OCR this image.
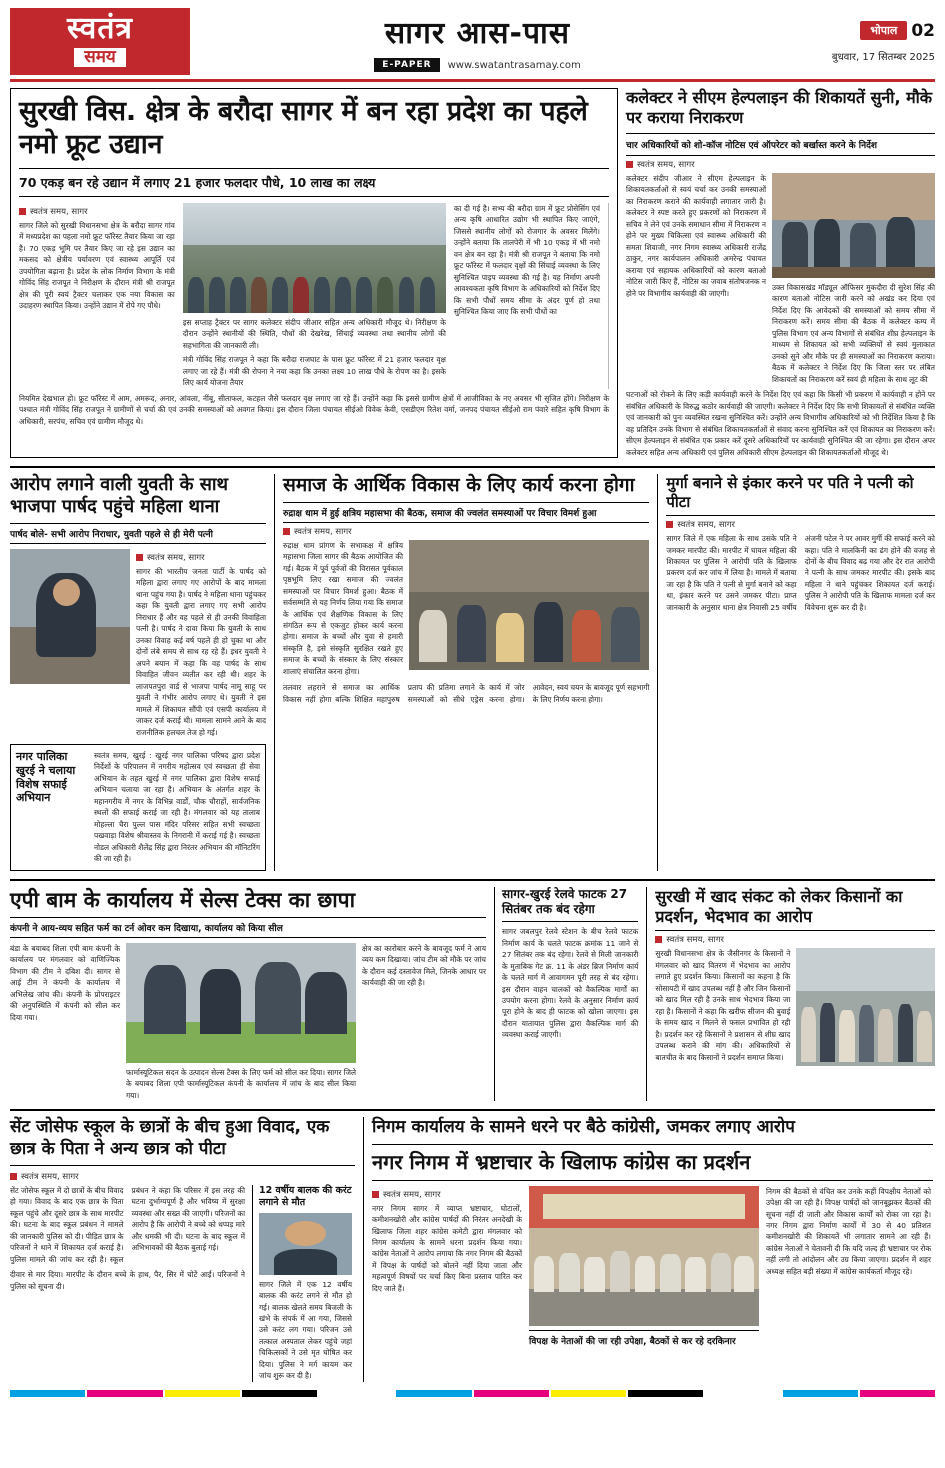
स्वतंत्र
समय
सागर आस-पास
E-PAPER	www.swatantrasamay.com
भोपाल 02
बुधवार, 17 सितम्बर 2025
सुरखी विस. क्षेत्र के बरौदा सागर में बन रहा प्रदेश का पहले नमो फ्रूट उद्यान
70 एकड़ बन रहे उद्यान में लगाए 21 हजार फलदार पौधे, 10 लाख का लक्ष्य
स्वतंत्र समय, सागर
सागर जिले को सुरखी विधानसभा क्षेत्र के बरौदा सागर गांव में मध्यप्रदेश का पहला नमो फ्रूट फॉरेस्ट तैयार किया जा रहा है। 70 एकड़ भूमि पर तैयार किए जा रहे इस उद्यान का मकसद को क्षेत्रीय पर्यावरण एवं स्वास्थ्य आपूर्ति एवं उपयोगिता बढ़ाना है। प्रदेश के लोक निर्माण विभाग के मंत्री गोविंद सिंह राजपूत ने निरीक्षण के दौरान मंत्री श्री राजपूत क्षेत्र की पूरी स्वयं ट्रैक्टर चलाकर एक नया विकास का उदाहरण स्थापित किया। उन्होंने उद्यान में रोपे गए पौधे।
इस सप्ताह ट्रैक्टर पर सागर कलेक्टर संदीप जीआर सहित अन्य अधिकारी मौजूद थे। निरीक्षण के दौरान उन्होंने स्थानीयों की स्थिति, पौधों की देखरेख, सिंचाई व्यवस्था तथा स्थानीय लोगों की सहभागिता की जानकारी ली।
मंत्री गोविंद सिंह राजपूत ने कहा कि बरौदा राजघाट के पास फ्रूट फॉरेस्ट में 21 हजार फलदार वृक्ष लगाए जा रहे हैं। मंत्री की रोपना ने नया कहा कि उनका लक्ष्य 10 लाख पौधे के रोपण का है। इसके लिए कार्य योजना तैयार
का दी गई है। सभ्य की बरौदा ग्राम में फ्रूट प्रोसेसिंग एवं अन्य कृषि आधारित उद्योग भी स्थापित किए जाएंगे, जिससे स्थानीय लोगों को रोजगार के अवसर मिलेंगे। उन्होंने बताया कि तालपेरी में भी 10 एकड़ में भी नमो वन क्षेत्र बन रहा है। मंत्री श्री राजपूत ने बताया कि नमो फ्रूट फॉरेस्ट में फलदार वृक्षों की सिंचाई व्यवस्था के लिए सुनिश्चित पाइप व्यवस्था की गई है। यह निर्माण अपनी आवश्यकता कृषि विभाग के अधिकारियों को निर्देश दिए कि सभी पौधों समय सीमा के अंदर पूर्ण हो तथा सुनिश्चित किया जाए कि सभी पौधों का
नियमित देखभाल हो। फ्रूट फॉरेस्ट में आम, अमरूद, अनार, आंवला, नींबू, सीताफल, कटहल जैसे फलदार वृक्ष लगाए जा रहे हैं। उन्होंने कहा कि इससे ग्रामीण क्षेत्रों में आजीविका के नए अवसर भी सृजित होंगे। निरीक्षण के पश्चात मंत्री गोविंद सिंह राजपूत ने ग्रामीणों से चर्चा की एवं उनकी समस्याओं को अवगत किया। इस दौरान जिला पंचायत सीईओ विवेक केवी, एसडीएम रितेश वर्मा, जनपद पंचायत सीईओ राम पंवारे सहित कृषि विभाग के अधिकारी, सरपंच, सचिव एवं ग्रामीण मौजूद थे।
कलेक्टर ने सीएम हेल्पलाइन की शिकायतें सुनी, मौके पर कराया निराकरण
चार अधिकारियों को शो-कॉज नोटिस एवं ऑपरेटर को बर्खास्त करने के निर्देश
स्वतंत्र समय, सागर
कलेक्टर संदीप जीआर ने सीएम हेल्पलाइन के शिकायतकर्ताओं से स्वयं चर्चा कर उनकी समस्याओं का निराकरण कराने की कार्यवाही लगातार जारी है। कलेक्टर ने स्पष्ट करते हुए प्रकरणों को निराकरण में सचिव ने लेने एवं उनके समाधान सीमा में निराकरण न होने पर मुख्य चिकित्सा एवं स्वास्थ्य अधिकारी की समता शिवाजी, नगर निगम स्वास्थ्य अधिकारी राजेंद्र ठाकुर, नगर कार्यपालन अधिकारी अमरेन्द्र पंचायत कराया एवं सहायक अधिकारियों को कारण बताओ नोटिस जारी किए हैं, नोटिस का जवाब संतोषजनक न होने पर विभागीय कार्यवाही की जाएगी।
उक्त विकासखंड मॉड्यूल ऑफिसर मुकदौरा दी सुरेश सिंह की कारण बताओ नोटिस जारी करने को अखंड कर दिया एवं निर्देश दिए कि आवेदकों की समस्याओं को समय सीमा में निराकरण करें। समय सीमा की बैठक में कलेक्टर कम्प में पुलिस विभाग एवं अन्य विभागों से संबंधित शीघ्र हेल्पलाइन के माध्यम से शिकायत को सभी व्यक्तियों से स्वयं मुलाकात उनको सुने और मौके पर ही समस्याओं का निराकरण कराया। बैठक में कलेक्टर ने निर्देश दिए कि जिला स्तर पर लंबित शिकायतों का निराकरण करें स्वयं ही महिला के साथ लूट की
घटनाओं को रोकने के लिए कड़ी कार्यवाही करने के निर्देश दिए एवं कहा कि किसी भी प्रकरण में कार्यवाही न होने पर संबंधित अधिकारी के विरुद्ध कठोर कार्यवाही की जाएगी। कलेक्टर ने निर्देश दिए कि सभी शिकायतों से संबंधित व्यक्ति एवं जानकारी को पुनः व्यवस्थित रखना सुनिश्चित करें। उन्होंने अन्य विभागीय अधिकारियों को भी निर्देशित किया है कि वह प्रतिदिन उनके विभाग से संबंधित शिकायतकर्ताओं से संवाद करना सुनिश्चित करें एवं शिकायत का निराकरण करें। सीएम हेल्पलाइन से संबंधित एक प्रकार करें दूसरे अधिकारियों पर कार्यवाही सुनिश्चित की जा रहेगा। इस दौरान अपर कलेक्टर सहित अन्य अधिकारी एवं पुलिस अधिकारी सीएम हेल्पलाइन की शिकायतकर्ताओं मौजूद थे।
आरोप लगाने वाली युवती के साथ भाजपा पार्षद पहुंचे महिला थाना
पार्षद बोले- सभी आरोप निराधार, युवती पहले से ही मेरी पत्नी
स्वतंत्र समय, सागर
सागर की भारतीय जनता पार्टी के पार्षद को महिला द्वारा लगाए गए आरोपों के बाद मामला थाना पहुंच गया है। पार्षद ने महिला थाना पहुंचकर कहा कि युवती द्वारा लगाए गए सभी आरोप निराधार हैं और वह पहले से ही उनकी विवाहिता पत्नी है। पार्षद ने दावा किया कि युवती के साथ उनका विवाह कई वर्ष पहले ही हो चुका था और दोनों लंबे समय से साथ रह रहे हैं। इधर युवती ने अपने बयान में कहा कि वह पार्षद के साथ विवाहित जीवन व्यतीत कर रही थी। शहर के लाजपतपुरा वार्ड से भाजपा पार्षद नामू साहू पर युवती ने गंभीर आरोप लगाए थे। युवती ने इस मामले में शिकायत सौंपी एवं एसपी कार्यालय में जाकर दर्ज कराई थी। मामला सामने आने के बाद राजनीतिक हलचल तेज हो गई।
नगर पालिका खुरई ने चलाया विशेष सफाई अभियान
स्वतंत्र समय, खुरई : खुरई नगर पालिका परिषद द्वारा प्रदेश निर्देशों के परिपालन में नगरीय महोत्सव एवं स्वच्छता ही सेवा अभियान के तहत खुरई में नगर पालिका द्वारा विशेष सफाई अभियान चलाया जा रहा है। अभियान के अंतर्गत शहर के महानगरीय में नगर के विभिन्न वार्डों, चौक चौराहों, सार्वजनिक स्थलों की सफाई कराई जा रही है। मंगलवार को यह तालाब मोहल्ला चैरा पुल्ल पास मंदिर परिसर सहित सभी स्वच्छता पखवाड़ा विशेष श्रीवास्तव के निगरानी में कराई गई है। स्वच्छता नोडल अधिकारी शैलेंद्र सिंह द्वारा निरंतर अभियान की मॉनिटरिंग की जा रही है।
समाज के आर्थिक विकास के लिए कार्य करना होगा
रुद्राक्ष धाम में हुई क्षत्रिय महासभा की बैठक, समाज की ज्वलंत समस्याओं पर विचार विमर्श हुआ
स्वतंत्र समय, सागर
रुद्राक्ष धाम प्रांगण के सभाकक्ष में क्षत्रिय महासभा जिला सागर की बैठक आयोजित की गई। बैठक में पूर्व पूर्वजों की विरासत पूर्वकाल पृष्ठभूमि लिए रखा समाज की ज्वलंत समस्याओं पर विचार विमर्श हुआ। बैठक में सर्वसम्मति से यह निर्णय लिया गया कि समाज के आर्थिक एवं शैक्षणिक विकास के लिए संगठित रूप से एकजुट होकर कार्य करना होगा। समाज के बच्चों और युवा से हमारी संस्कृति है, इसे संस्कृति सुरक्षित रखते हुए समाज के बच्चों के संस्कार के लिए संस्कार शालाएं संचालित करना होगा।
तलवार लहराने से समाज का आर्थिक विकास नहीं होगा बल्कि शिक्षित महापुरुष प्रताप की प्रतिमा लगाने के कार्य में जोर समस्याओं को सीधे एड्रेस करना होगा। आवेदन, स्वयं चयन के बावजूद पूर्ण सहभागी के लिए निर्णय करना होगा।
मुर्गा बनाने से इंकार करने पर पति ने पत्नी को पीटा
स्वतंत्र समय, सागर
सागर जिले में एक महिला के साथ उसके पति ने जमकर मारपीट की। मारपीट में घायल महिला की शिकायत पर पुलिस ने आरोपी पति के खिलाफ प्रकरण दर्ज कर जांच में लिया है। मामले में बताया जा रहा है कि पति ने पत्नी से मुर्गा बनाने को कहा था, इंकार करने पर उसने जमकर पीटा। प्राप्त जानकारी के अनुसार थाना क्षेत्र निवासी 25 वर्षीय अंजनी पटेल ने पर आवर मुर्गी की सफाई करने को कहा। पति ने मालकिनी का ढंग होने की वजह से दोनों के बीच विवाद बढ़ गया और देर रात आरोपी ने पत्नी के साथ जमकर मारपीट की। इसके बाद महिला ने थाने पहुंचकर शिकायत दर्ज कराई। पुलिस ने आरोपी पति के खिलाफ मामला दर्ज कर विवेचना शुरू कर दी है।
एपी बाम के कार्यालय में सेल्स टेक्स का छापा
कंपनी ने आय-व्यय सहित फर्म का टर्न ओवर कम दिखाया, कार्यालय को किया सील
बंडा के बयाबद शिला एपी बाम कंपनी के कार्यालय पर मंगलवार को वाणिज्यिक विभाग की टीम ने दबिश दी। सागर से आई टीम ने कंपनी के कार्यालय में अभिलेख जांच की। कंपनी के प्रोपराइटर की अनुपस्थिति में कंपनी को सील कर दिया गया।
फार्मास्यूटिकल सदन के उत्पादन सेल्स टैक्स के लिए फर्म को सील कर दिया। सागर जिले के बयाबद शिला एपी फार्मास्यूटिकल कंपनी के कार्यालय में जांच के बाद सील किया गया।
क्षेत्र का कारोबार करने के बावजूद फर्म ने आय व्यय कम दिखाया। जांच टीम को मौके पर जांच के दौरान कई दस्तावेज मिले, जिनके आधार पर कार्यवाही की जा रही है।
सागर-खुरई रेलवे फाटक 27 सितंबर तक बंद रहेगा
सागर जबलपुर रेलवे स्टेशन के बीच रेलवे फाटक निर्माण कार्य के चलते फाटक क्रमांक 11 जाने से 27 सितंबर तक बंद रहेगा। रेलवे से मिली जानकारी के मुताबिक गेट क्र. 11 के अंडर ब्रिज निर्माण कार्य के चलते मार्ग में आवागमन पूरी तरह से बंद रहेगा। इस दौरान वाहन चालकों को वैकल्पिक मार्गों का उपयोग करना होगा। रेलवे के अनुसार निर्माण कार्य पूरा होने के बाद ही फाटक को खोला जाएगा। इस दौरान यातायात पुलिस द्वारा वैकल्पिक मार्ग की व्यवस्था कराई जाएगी।
सुरखी में खाद संकट को लेकर किसानों का प्रदर्शन, भेदभाव का आरोप
स्वतंत्र समय, सागर
सुरखी विधानसभा क्षेत्र के जैसीनगर के किसानों ने मंगलवार को खाद वितरण में भेदभाव का आरोप लगाते हुए प्रदर्शन किया। किसानों का कहना है कि सोसायटी में खाद उपलब्ध नहीं है और जिन किसानों को खाद मिल रही है उनके साथ भेदभाव किया जा रहा है। किसानों ने कहा कि खरीफ सीजन की बुवाई के समय खाद न मिलने से फसल प्रभावित हो रही है। प्रदर्शन कर रहे किसानों ने प्रशासन से शीघ्र खाद उपलब्ध कराने की मांग की। अधिकारियों से बातचीत के बाद किसानों ने प्रदर्शन समाप्त किया।
सेंट जोसेफ स्कूल के छात्रों के बीच हुआ विवाद, एक छात्र के पिता ने अन्य छात्र को पीटा
स्वतंत्र समय, सागर
सेंट जोसेफ स्कूल में दो छात्रों के बीच विवाद हो गया। विवाद के बाद एक छात्र के पिता स्कूल पहुंचे और दूसरे छात्र के साथ मारपीट की। घटना के बाद स्कूल प्रबंधन ने मामले की जानकारी पुलिस को दी। पीड़ित छात्र के परिजनों ने थाने में शिकायत दर्ज कराई है। पुलिस मामले की जांच कर रही है। स्कूल प्रबंधन ने कहा कि परिसर में इस तरह की घटना दुर्भाग्यपूर्ण है और भविष्य में सुरक्षा व्यवस्था और सख्त की जाएगी। परिजनों का आरोप है कि आरोपी ने बच्चे को थप्पड़ मारे और धमकी भी दी। घटना के बाद स्कूल में अभिभावकों की बैठक बुलाई गई।
दीवार से मार दिया। मारपीट के दौरान बच्चे के हाथ, पैर, सिर में चोटें आईं। परिजनों ने पुलिस को सूचना दी।
12 वर्षीय बालक की करंट लगाने से मौत
सागर जिले में एक 12 वर्षीय बालक की करंट लगने से मौत हो गई। बालक खेलते समय बिजली के खंभे के संपर्क में आ गया, जिससे उसे करंट लग गया। परिजन उसे तत्काल अस्पताल लेकर पहुंचे जहां चिकित्सकों ने उसे मृत घोषित कर दिया। पुलिस ने मर्ग कायम कर जांच शुरू कर दी है।
निगम कार्यालय के सामने धरने पर बैठे कांग्रेसी, जमकर लगाए आरोप
नगर निगम में भ्रष्टाचार के खिलाफ कांग्रेस का प्रदर्शन
स्वतंत्र समय, सागर
नगर निगम सागर में व्याप्त भ्रष्टाचार, घोटालों, कमीशनखोरी और कांग्रेस पार्षदों की निरंतर अनदेखी के खिलाफ जिला शहर कांग्रेस कमेटी द्वारा मंगलवार को निगम कार्यालय के सामने धरना प्रदर्शन किया गया। कांग्रेस नेताओं ने आरोप लगाया कि नगर निगम की बैठकों में विपक्ष के पार्षदों को बोलने नहीं दिया जाता और महत्वपूर्ण विषयों पर चर्चा किए बिना प्रस्ताव पारित कर दिए जाते हैं।
विपक्ष के नेताओं की जा रही उपेक्षा, बैठकों से कर रहे दरकिनार
निगम की बैठकों से वंचित कर उनके कहीं विपक्षीय नेताओं को उपेक्षा की जा रही है। विपक्ष पार्षदों को जानबूझकर बैठकों की सूचना नहीं दी जाती और विकास कार्यों को रोका जा रहा है। नगर निगम द्वारा निर्माण कार्यों में 30 से 40 प्रतिशत कमीशनखोरी की शिकायतें भी लगातार सामने आ रही हैं। कांग्रेस नेताओं ने चेतावनी दी कि यदि जल्द ही भ्रष्टाचार पर रोक नहीं लगी तो आंदोलन और उग्र किया जाएगा। प्रदर्शन में शहर अध्यक्ष सहित बड़ी संख्या में कांग्रेस कार्यकर्ता मौजूद रहे।
